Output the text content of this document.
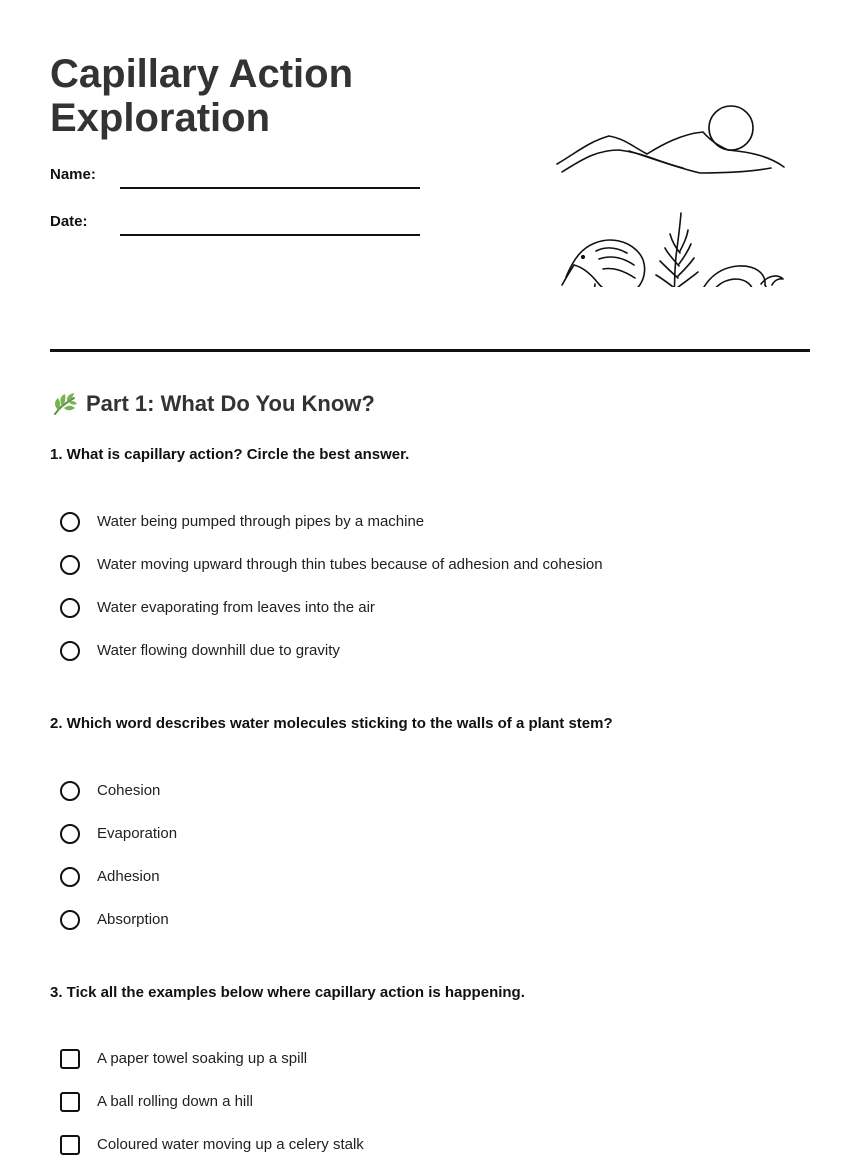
Capillary Action
Exploration
Name:
Date:
Part 1: What Do You Know?

1. What is capillary action? Circle the best answer.

Water being pumped through pipes by a machine
Water moving upward through thin tubes because of adhesion and cohesion
Water evaporating from leaves into the air
Water flowing downhill due to gravity

2. Which word describes water molecules sticking to the walls of a plant stem?

Cohesion
Evaporation
Adhesion
Absorption

3. Tick all the examples below where capillary action is happening.

A paper towel soaking up a spill
A ball rolling down a hill
Coloured water moving up a celery stalk
